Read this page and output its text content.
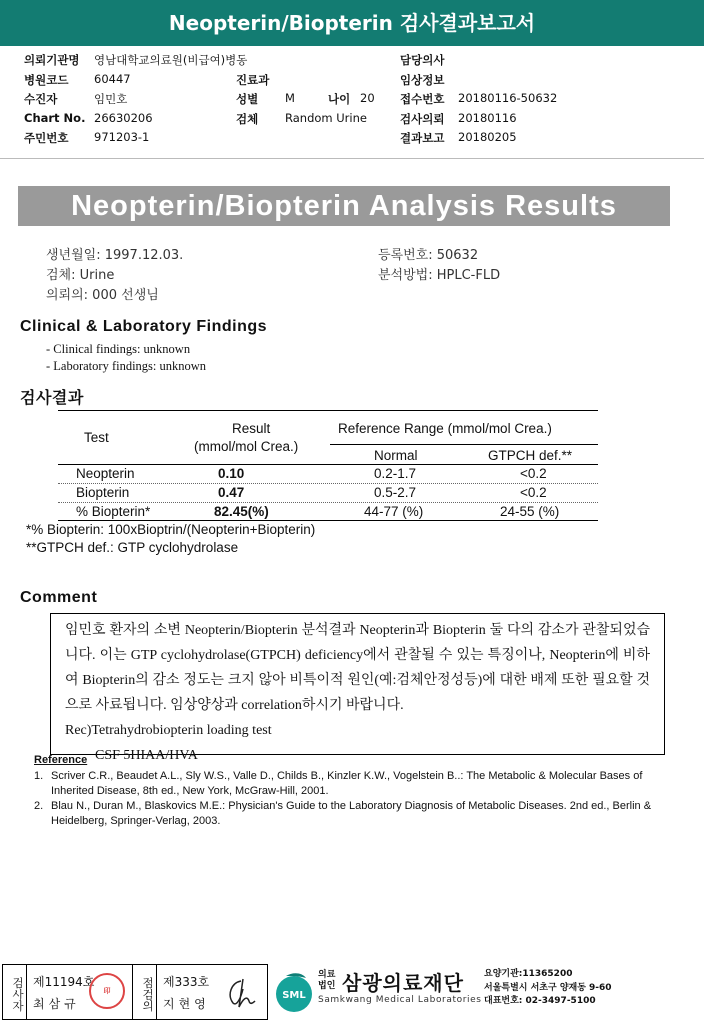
Neopterin/Biopterin 검사결과보고서
의뢰기관명 영남대학교의료원(비급여)병동	담당의사
병원코드 60447	진료과	임상정보
수진자	임민호	성별 M	나이 20 접수번호 20180116-50632
Chart No. 26630206	검체 Random Urine	검사의뢰 20180116
주민번호 971203-1	결과보고 20180205
Neopterin/Biopterin Analysis Results
생년월일: 1997.12.03.
검체: Urine
의뢰의: 000 선생님
등록번호: 50632
분석방법: HPLC-FLD
Clinical & Laboratory Findings
- Clinical findings: unknown
- Laboratory findings: unknown
검사결과
Test
Result
(mmol/mol Crea.)
Reference Range (mmol/mol Crea.)
Normal	GTPCH def.**
Neopterin	0.10	0.2-1.7	<0.2
Biopterin	0.47	0.5-2.7	<0.2
% Biopterin*	82.45(%)	44-77 (%)	24-55 (%)
*% Biopterin: 100xBioptrin/(Neopterin+Biopterin)
**GTPCH def.: GTP cyclohydrolase
Comment
임민호 환자의 소변 Neopterin/Biopterin 분석결과 Neopterin과 Biopterin 둘 다의 감소가 관찰되었습니다. 이는 GTP cyclohydrolase(GTPCH) deficiency에서 관찰될 수 있는 특징이나, Neopterin에 비하여 Biopterin의 감소 정도는 크지 않아 비특이적 원인(예:검체안정성등)에 대한 배제 또한 필요할 것으로 사료됩니다. 임상양상과 correlation하시기 바랍니다.
Rec)Tetrahydrobiopterin loading test
CSF 5HIAA/HVA
Reference
1. Scriver C.R., Beaudet A.L., Sly W.S., Valle D., Childs B., Kinzler K.W., Vogelstein B..: The Metabolic & Molecular Bases of Inherited Disease, 8th ed., New York, McGraw-Hill, 2001.
2. Blau N., Duran M., Blaskovics M.E.: Physician's Guide to the Laboratory Diagnosis of Metabolic Diseases. 2nd ed., Berlin & Heidelberg, Springer-Verlag, 2003.
검사자 제11194호
최삼규
印	점검의 제333호
지현영
SML
의료
법인 삼광의료재단
Samkwang Medical Laboratories
요양기관:11365200
서울특별시 서초구 양재동 9-60
대표번호: 02-3497-5100
